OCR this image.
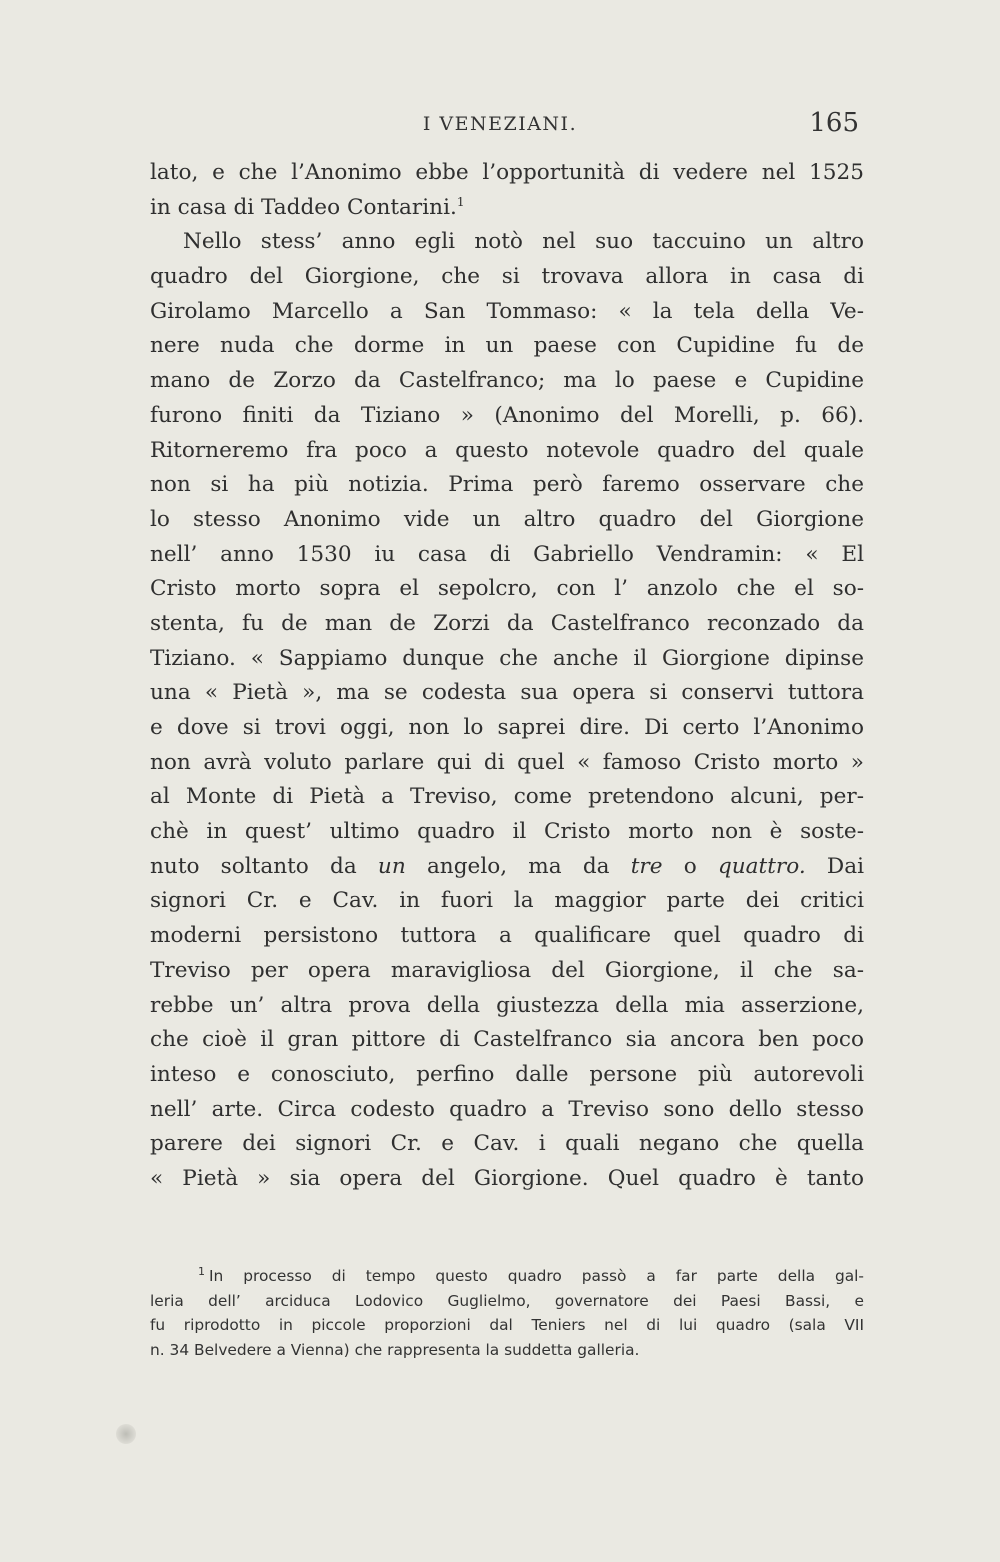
I VENEZIANI.	165
lato, e che l’Anonimo ebbe l’opportunità di vedere nel 1525
in casa di Taddeo Contarini.$^1$
Nello stess’ anno egli notò nel suo taccuino un altro
quadro del Giorgione, che si trovava allora in casa di
Girolamo Marcello a San Tommaso: « la tela della Ve-
nere nuda che dorme in un paese con Cupidine fu de
mano de Zorzo da Castelfranco; ma lo paese e Cupidine
furono finiti da Tiziano » (Anonimo del Morelli, p. 66).
Ritorneremo fra poco a questo notevole quadro del quale
non si ha più notizia. Prima però faremo osservare che
lo stesso Anonimo vide un altro quadro del Giorgione
nell’ anno 1530 iu casa di Gabriello Vendramin: « El
Cristo morto sopra el sepolcro, con l’ anzolo che el so-
stenta, fu de man de Zorzi da Castelfranco reconzado da
Tiziano. « Sappiamo dunque che anche il Giorgione dipinse
una « Pietà », ma se codesta sua opera si conservi tuttora
e dove si trovi oggi, non lo saprei dire. Di certo l’Anonimo
non avrà voluto parlare qui di quel « famoso Cristo morto »
al Monte di Pietà a Treviso, come pretendono alcuni, per-
chè in quest’ ultimo quadro il Cristo morto non è soste-
nuto soltanto da un angelo, ma da tre o quattro. Dai
signori Cr. e Cav. in fuori la maggior parte dei critici
moderni persistono tuttora a qualificare quel quadro di
Treviso per opera maravigliosa del Giorgione, il che sa-
rebbe un’ altra prova della giustezza della mia asserzione,
che cioè il gran pittore di Castelfranco sia ancora ben poco
inteso e conosciuto, perfino dalle persone più autorevoli
nell’ arte. Circa codesto quadro a Treviso sono dello stesso
parere dei signori Cr. e Cav. i quali negano che quella
« Pietà » sia opera del Giorgione. Quel quadro è tanto
$^1$ In processo di tempo questo quadro passò a far parte della gal-
leria dell’ arciduca Lodovico Guglielmo, governatore dei Paesi Bassi, e
fu riprodotto in piccole proporzioni dal Teniers nel di lui quadro (sala VII
n. 34 Belvedere a Vienna) che rappresenta la suddetta galleria.
